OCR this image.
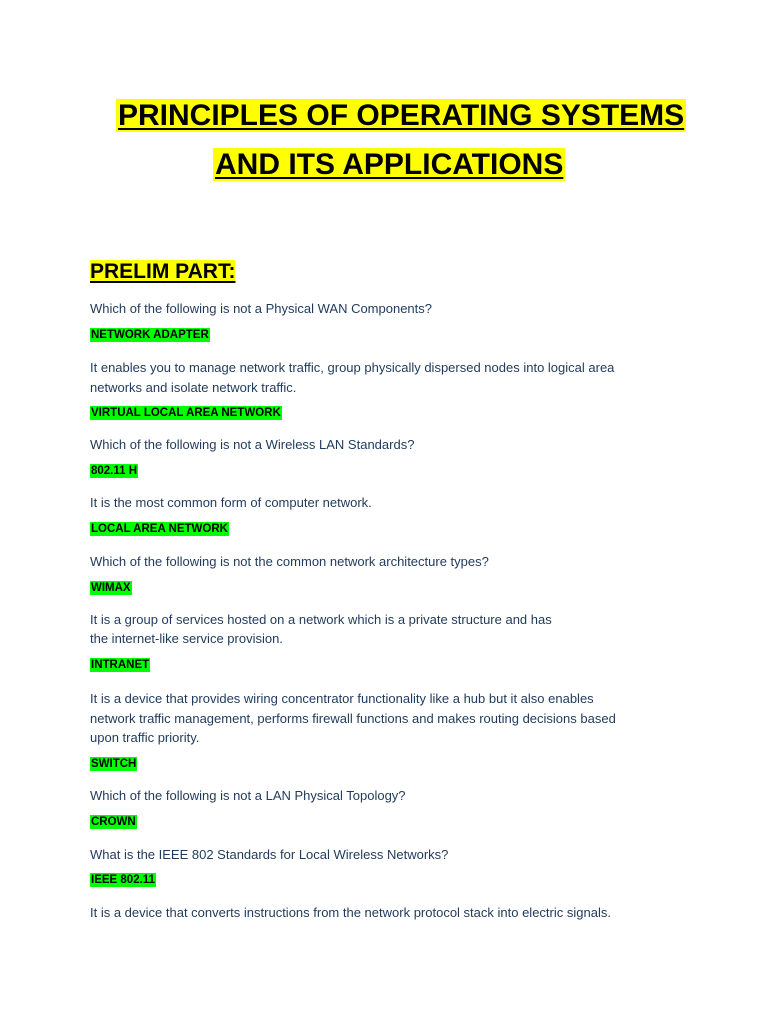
PRINCIPLES OF OPERATING SYSTEMS
AND ITS APPLICATIONS
PRELIM PART:
Which of the following is not a Physical WAN Components?
NETWORK ADAPTER
It enables you to manage network traffic, group physically dispersed nodes into logical area
networks and isolate network traffic.
VIRTUAL LOCAL AREA NETWORK
Which of the following is not a Wireless LAN Standards?
802.11 H
It is the most common form of computer network.
LOCAL AREA NETWORK
Which of the following is not the common network architecture types?
WIMAX
It is a group of services hosted on a network which is a private structure and has
the internet-like service provision.
INTRANET
It is a device that provides wiring concentrator functionality like a hub but it also enables
network traffic management, performs firewall functions and makes routing decisions based
upon traffic priority.
SWITCH
Which of the following is not a LAN Physical Topology?
CROWN
What is the IEEE 802 Standards for Local Wireless Networks?
IEEE 802.11
It is a device that converts instructions from the network protocol stack into electric signals.
